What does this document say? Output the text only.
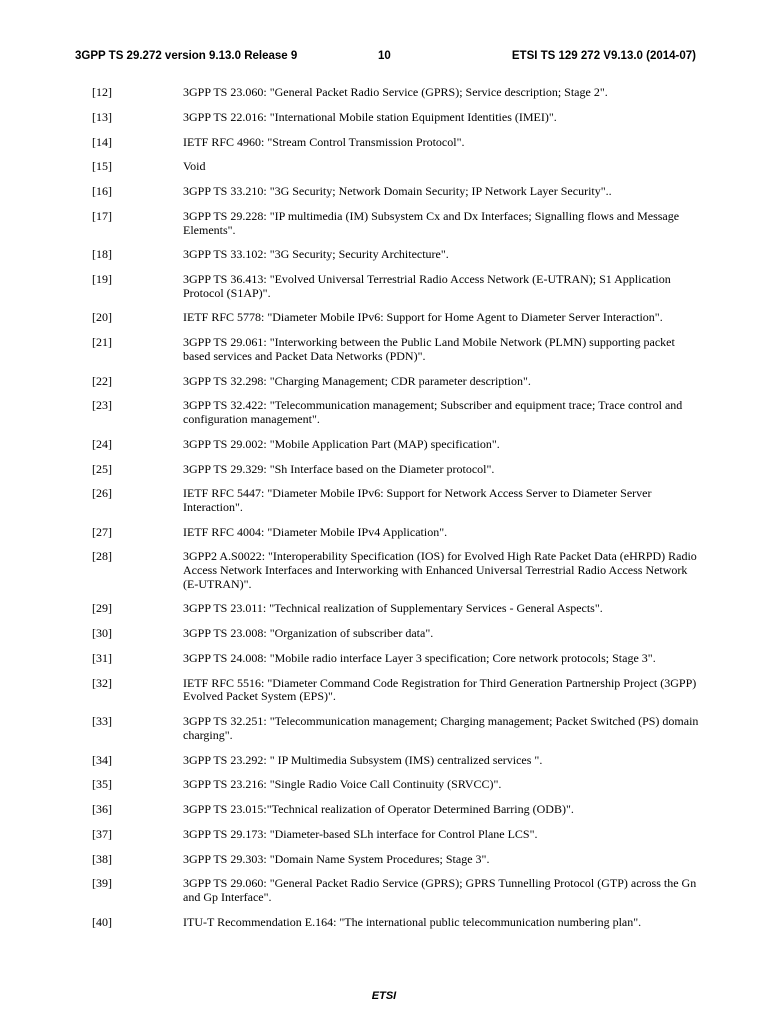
3GPP TS 29.272 version 9.13.0 Release 9	10	ETSI TS 129 272 V9.13.0 (2014-07)
[12]	3GPP TS 23.060: "General Packet Radio Service (GPRS); Service description; Stage 2".
[13]	3GPP TS 22.016: "International Mobile station Equipment Identities (IMEI)".
[14]	IETF RFC 4960: "Stream Control Transmission Protocol".
[15]	Void
[16]	3GPP TS 33.210: "3G Security; Network Domain Security; IP Network Layer Security"..
[17]	3GPP TS 29.228: "IP multimedia (IM) Subsystem Cx and Dx Interfaces; Signalling flows and Message Elements".
[18]	3GPP TS 33.102: "3G Security; Security Architecture".
[19]	3GPP TS 36.413: "Evolved Universal Terrestrial Radio Access Network (E-UTRAN); S1 Application Protocol (S1AP)".
[20]	IETF RFC 5778: "Diameter Mobile IPv6: Support for Home Agent to Diameter Server Interaction".
[21]	3GPP TS 29.061: "Interworking between the Public Land Mobile Network (PLMN) supporting packet based services and Packet Data Networks (PDN)".
[22]	3GPP TS 32.298: "Charging Management; CDR parameter description".
[23]	3GPP TS 32.422: "Telecommunication management; Subscriber and equipment trace; Trace control and configuration management".
[24]	3GPP TS 29.002: "Mobile Application Part (MAP) specification".
[25]	3GPP TS 29.329: "Sh Interface based on the Diameter protocol".
[26]	IETF RFC 5447: "Diameter Mobile IPv6: Support for Network Access Server to Diameter Server Interaction".
[27]	IETF RFC 4004: "Diameter Mobile IPv4 Application".
[28]	3GPP2 A.S0022: "Interoperability Specification (IOS) for Evolved High Rate Packet Data (eHRPD) Radio Access Network Interfaces and Interworking with Enhanced Universal Terrestrial Radio Access Network (E-UTRAN)".
[29]	3GPP TS 23.011: "Technical realization of Supplementary Services - General Aspects".
[30]	3GPP TS 23.008: "Organization of subscriber data".
[31]	3GPP TS 24.008: "Mobile radio interface Layer 3 specification; Core network protocols; Stage 3".
[32]	IETF RFC 5516: "Diameter Command Code Registration for Third Generation Partnership Project (3GPP) Evolved Packet System (EPS)".
[33]	3GPP TS 32.251: "Telecommunication management; Charging management; Packet Switched (PS) domain charging".
[34]	3GPP TS 23.292: " IP Multimedia Subsystem (IMS) centralized services ".
[35]	3GPP TS 23.216: "Single Radio Voice Call Continuity (SRVCC)".
[36]	3GPP TS 23.015:"Technical realization of Operator Determined Barring (ODB)".
[37]	3GPP TS 29.173: "Diameter-based SLh interface for Control Plane LCS".
[38]	3GPP TS 29.303: "Domain Name System Procedures; Stage 3".
[39]	3GPP TS 29.060: "General Packet Radio Service (GPRS); GPRS Tunnelling Protocol (GTP) across the Gn and Gp Interface".
[40]	ITU-T Recommendation E.164: "The international public telecommunication numbering plan".
ETSI
